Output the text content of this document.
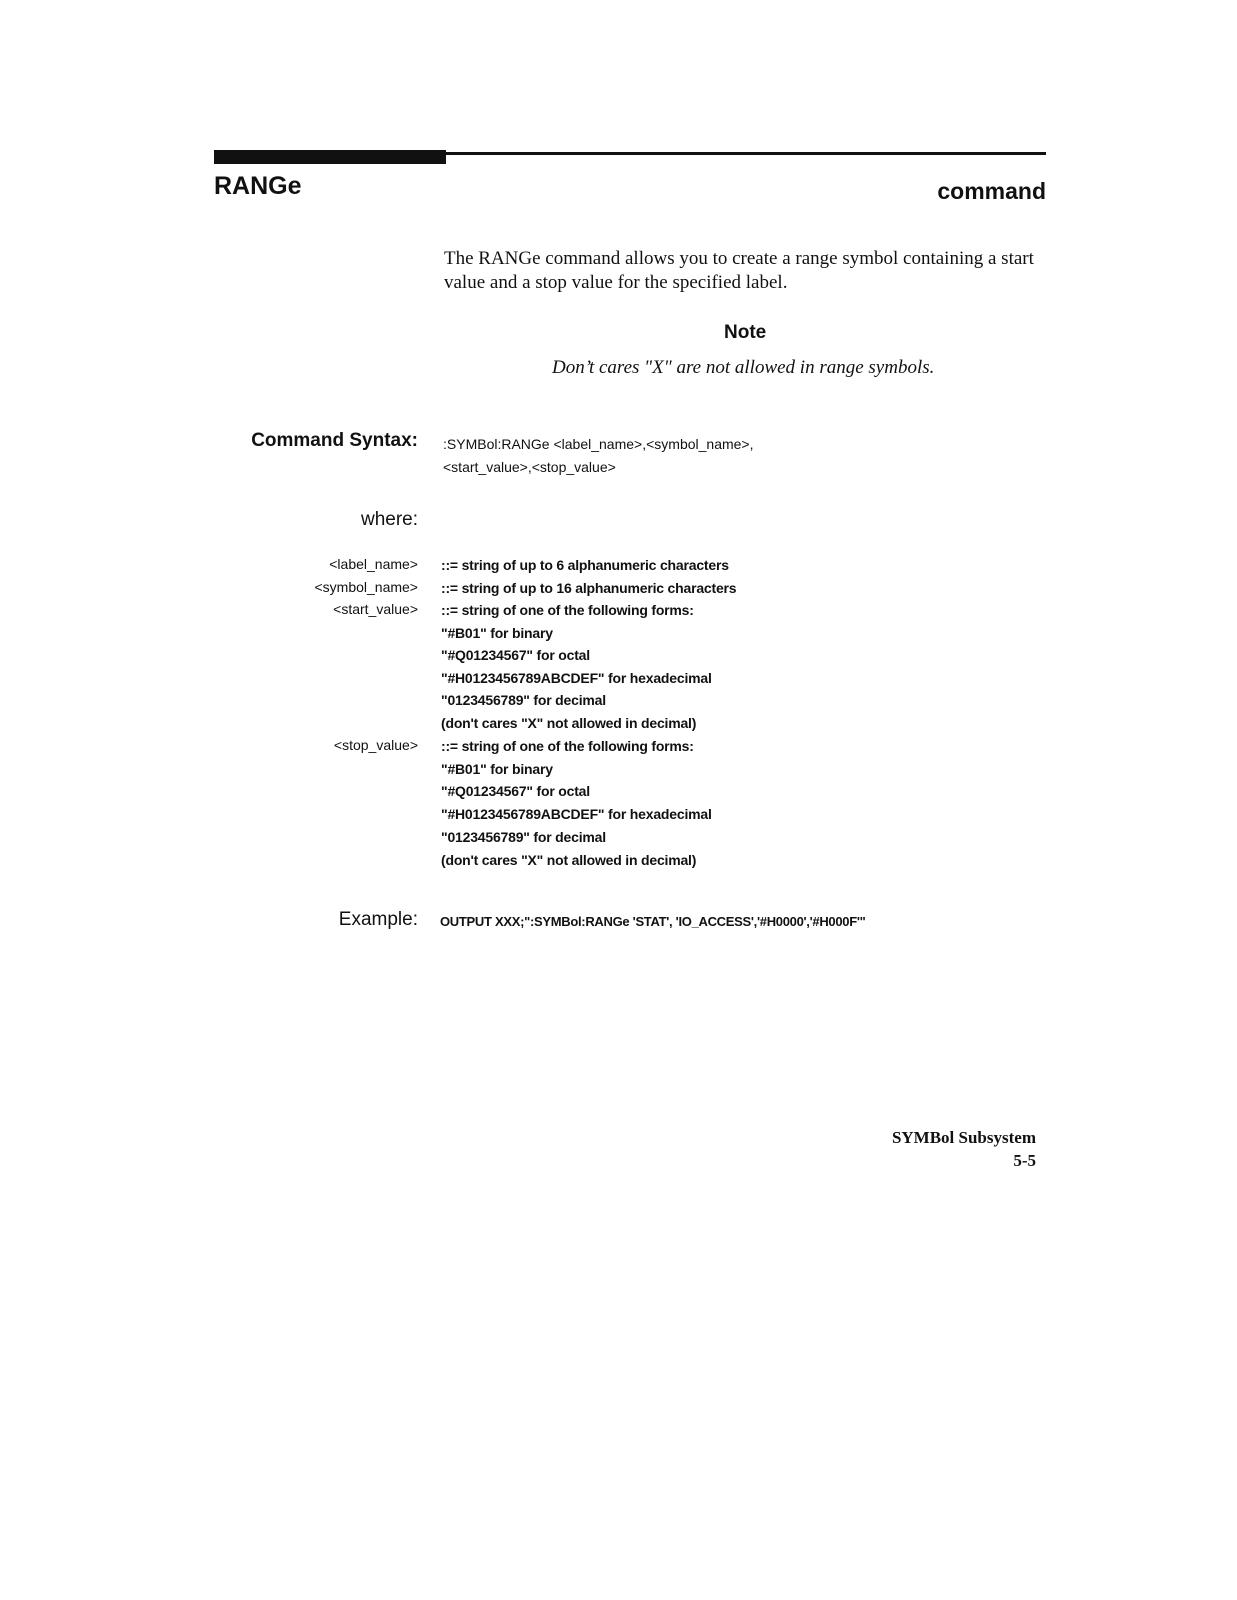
RANGe	command
The RANGe command allows you to create a range symbol containing a start value and a stop value for the specified label.
Note
Don’t cares "X" are not allowed in range symbols.
Command Syntax: :SYMBol:RANGe <label_name>,<symbol_name>,
<start_value>,<stop_value>
where:
<label_name>
<symbol_name>
<start_value>
<stop_value>
::= string of up to 6 alphanumeric characters
::= string of up to 16 alphanumeric characters
::= string of one of the following forms:
"#B01" for binary
"#Q01234567" for octal
"#H0123456789ABCDEF" for hexadecimal
"0123456789" for decimal
(don't cares "X" not allowed in decimal)
::= string of one of the following forms:
"#B01" for binary
"#Q01234567" for octal
"#H0123456789ABCDEF" for hexadecimal
"0123456789" for decimal
(don't cares "X" not allowed in decimal)
Example: OUTPUT XXX;":SYMBol:RANGe 'STAT', 'IO_ACCESS','#H0000','#H000F'"
SYMBol Subsystem
5-5
